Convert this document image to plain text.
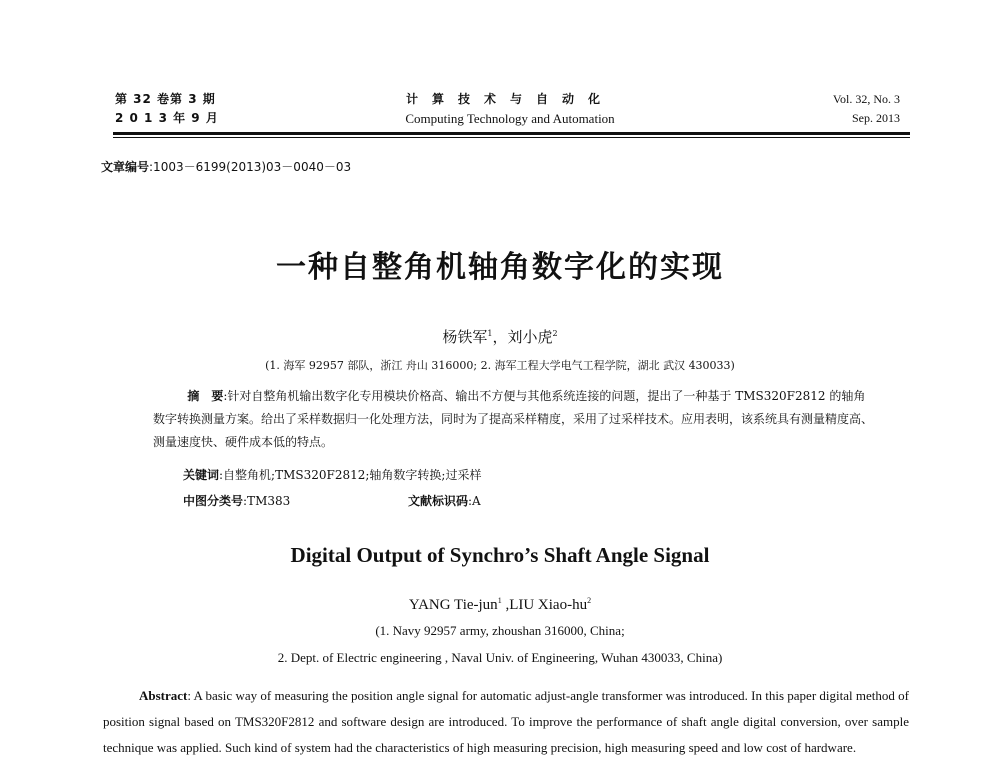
第 32 卷第 3 期
2 0 1 3 年 9 月
计算技术与自动化
Computing Technology and Automation
Vol. 32, No. 3
Sep. 2013
文章编号:1003－6199(2013)03－0040－03
一种自整角机轴角数字化的实现
杨铁军$^1$，刘小虎$^2$
(1. 海军 92957 部队，浙江 舟山 316000; 2. 海军工程大学电气工程学院，湖北 武汉 430033)
摘　要:针对自整角机输出数字化专用模块价格高、输出不方便与其他系统连接的问题，提出了一种基于 TMS320F2812 的轴角数字转换测量方案。给出了采样数据归一化处理方法，同时为了提高采样精度，采用了过采样技术。应用表明，该系统具有测量精度高、测量速度快、硬件成本低的特点。
关键词:自整角机;TMS320F2812;轴角数字转换;过采样
中图分类号:TM383	文献标识码:A
Digital Output of Synchro’s Shaft Angle Signal
YANG Tie-jun$^1$ ,LIU Xiao-$hu^2$
(1. Navy 92957 army, zhoushan 316000, China;
2. Dept. of Electric engineering , Naval Univ. of Engineering, Wuhan 430033, China)
Abstract: A basic way of measuring the position angle signal for automatic adjust-angle transformer was introduced. In this paper digital method of position signal based on TMS320F2812 and software design are introduced. To improve the performance of shaft angle digital conversion, over sample technique was applied. Such kind of system had the characteristics of high measuring precision, high measuring speed and low cost of hardware.
